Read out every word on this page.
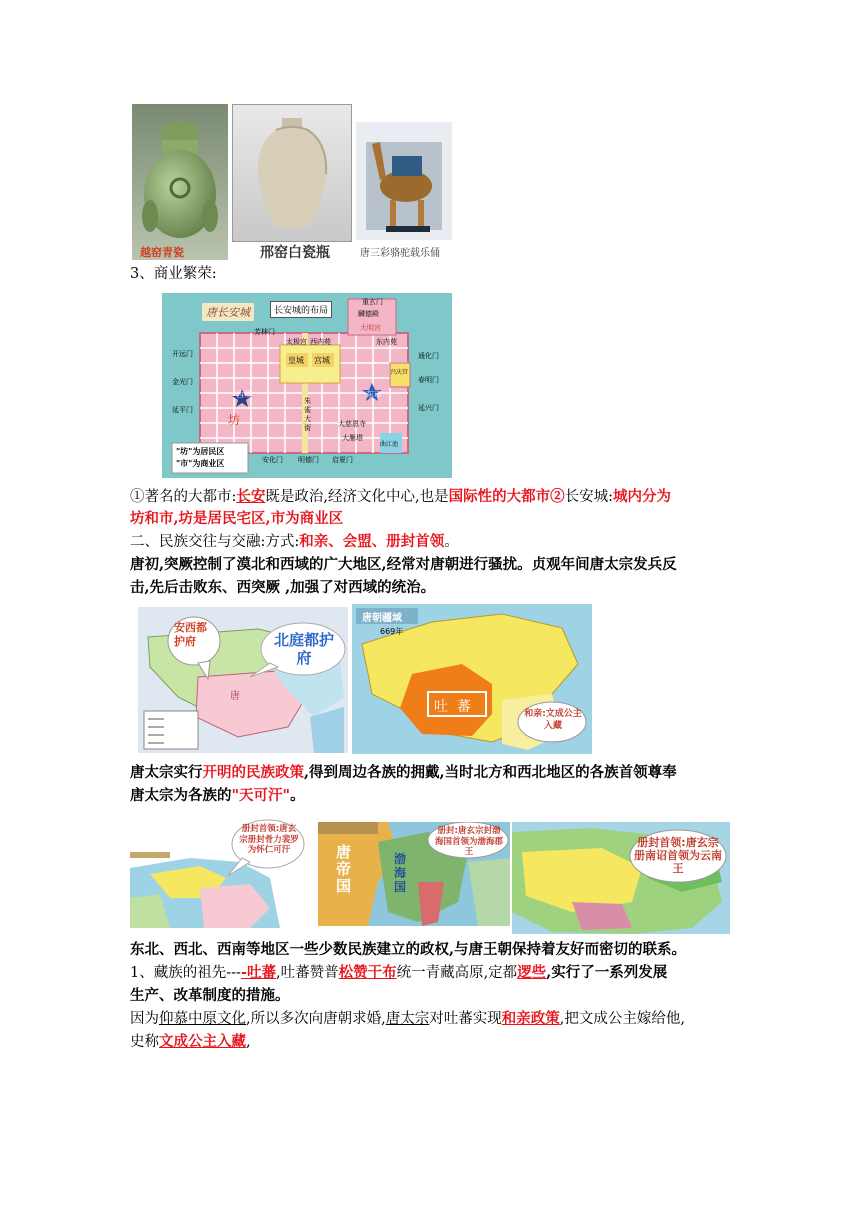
越窑青瓷	邢窑白瓷瓶	唐三彩骆驼载乐俑
3、商业繁荣:
唐长安城	长安城的布局
重玄门
芳林门
开远门
金光门
延平门
通化门
春明门
延兴门
安化门 明德门 启夏门
麟德殿
大明宫
太极宫 西内苑	东内苑
皇城 宫城
兴庆宫
西市	东市
坊
朱雀大街	大慈恩寺
大雁塔
曲江池
"坊"为居民区
"市"为商业区
①著名的大都市:长安既是政治,经济文化中心,也是国际性的大都市②长安城:城内分为
坊和市,坊是居民宅区,市为商业区
二、民族交往与交融:方式:和亲、会盟、册封首领。
唐初,突厥控制了漠北和西域的广大地区,经常对唐朝进行骚扰。贞观年间唐太宗发兵反
击,先后击败东、西突厥 ,加强了对西域的统治。
安西都护府	北庭都护府
唐
唐朝疆域
669年
吐  蕃	和亲:文成公主入藏
唐太宗实行开明的民族政策,得到周边各族的拥戴,当时北方和西北地区的各族首领尊奉
唐太宗为各族的"天可汗"。
册封首领:唐玄宗册封骨力裴罗为怀仁可汗	唐帝国
渤海国
册封:唐玄宗封渤海国首领为渤海郡王
册封首领:唐玄宗册南诏首领为云南王
东北、西北、西南等地区一些少数民族建立的政权,与唐王朝保持着友好而密切的联系。
1、藏族的祖先----吐蕃,吐蕃赞普松赞干布统一青藏高原,定都逻些,实行了一系列发展
生产、改革制度的措施。
因为仰慕中原文化,所以多次向唐朝求婚,唐太宗对吐蕃实现和亲政策,把文成公主嫁给他,
史称文成公主入藏,
